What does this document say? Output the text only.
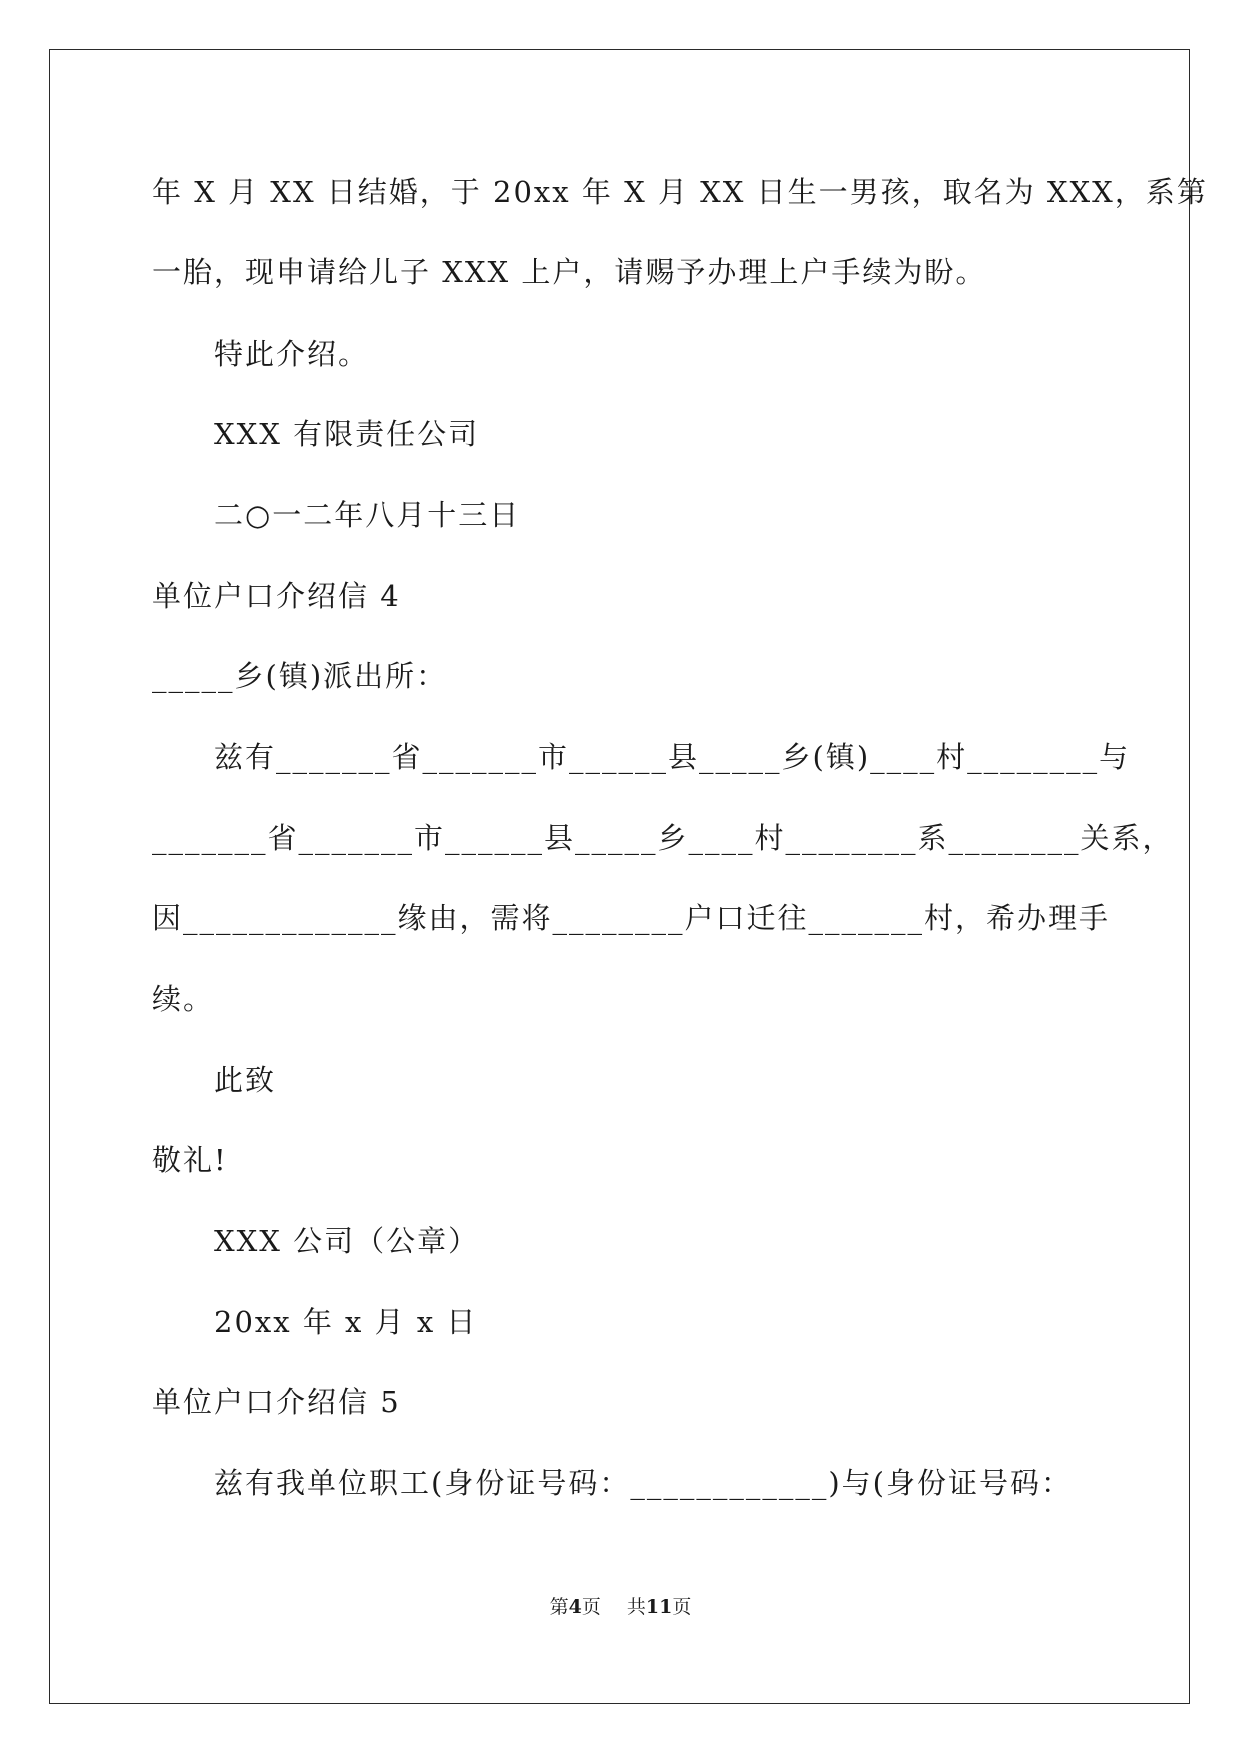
年 X 月 XX 日结婚，于 20xx 年 X 月 XX 日生一男孩，取名为 XXX，系第
一胎，现申请给儿子 XXX 上户，请赐予办理上户手续为盼。
特此介绍。
XXX 有限责任公司
二○一二年八月十三日
单位户口介绍信 4
_____乡(镇)派出所：
兹有_______省_______市______县_____乡(镇)____村________与
_______省_______市______县_____乡____村________系________关系，
因_____________缘由，需将________户口迁往_______村，希办理手
续。
此致
敬礼!
XXX 公司（公章）
20xx 年 x 月 x 日
单位户口介绍信 5
兹有我单位职工(身份证号码：____________)与(身份证号码：
第4页 共11页
